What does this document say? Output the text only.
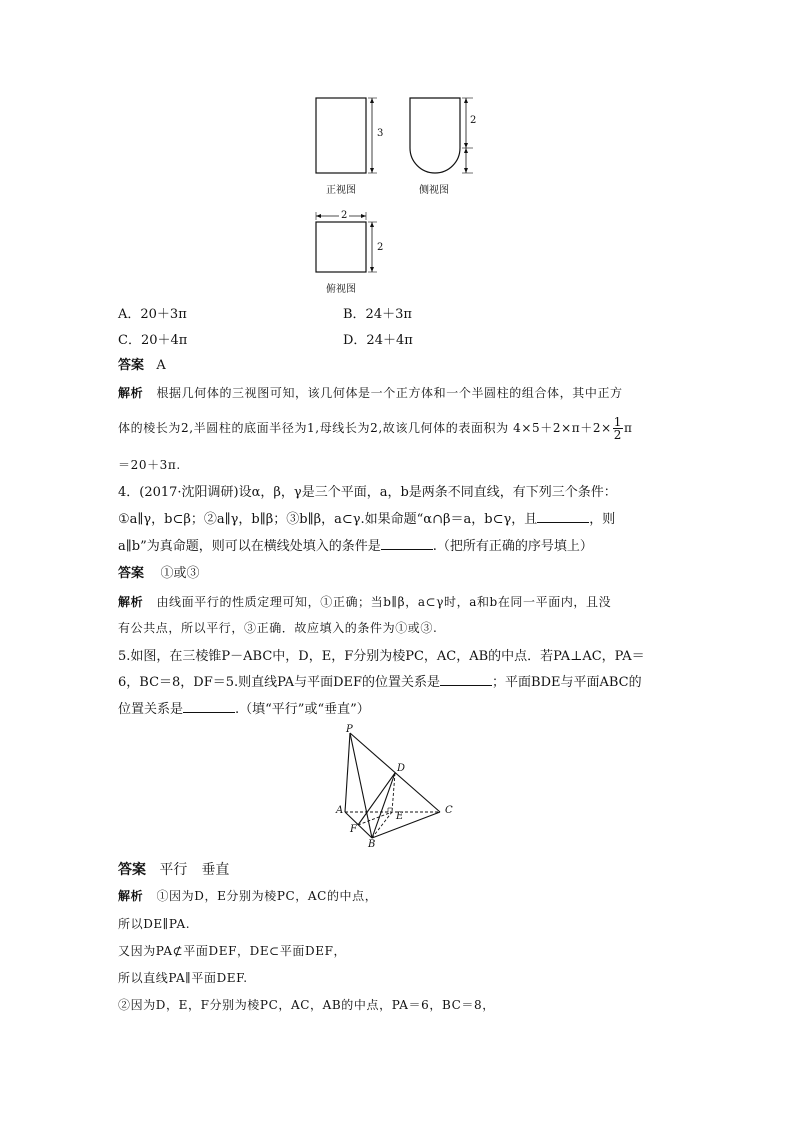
3
2
2
2
正视图	侧视图
俯视图
A．20＋3π	B．24＋3π
C．20＋4π	D．24＋4π
答案 A
解析 根据几何体的三视图可知，该几何体是一个正方体和一个半圆柱的组合体，其中正方
体的棱长为2,半圆柱的底面半径为1,母线长为2,故该几何体的表面积为 $4\times 5+2\times\pi+2\times \frac{1}{2}$ π
＝20＋3π.
4．(2017·沈阳调研)设α，β，γ是三个平面，a，b是两条不同直线，有下列三个条件：
①a∥γ，b⊂β；②a∥γ，b∥β；③b∥β，a⊂γ.如果命题“α∩β＝a，b⊂γ，且	，则
a∥b”为真命题，则可以在横线处填入的条件是	.（把所有正确的序号填上）
答案 ①或③
解析 由线面平行的性质定理可知，①正确；当b∥β，a⊂γ时，a和b在同一平面内，且没
有公共点，所以平行，③正确．故应填入的条件为①或③.
5.如图，在三棱锥P－ABC中，D，E，F分别为棱PC，AC，AB的中点．若PA⊥AC，PA＝
6，BC＝8，DF＝5.则直线PA与平面DEF的位置关系是	；平面BDE与平面ABC的
位置关系是	.（填“平行”或“垂直”）
P
D
A	C
E
F
B
答案 平行　垂直
解析 ①因为D，E分别为棱PC，AC的中点，
所以DE∥PA.
又因为PA⊄平面DEF，DE⊂平面DEF，
所以直线PA∥平面DEF.
②因为D，E，F分别为棱PC，AC，AB的中点，PA＝6，BC＝8，
